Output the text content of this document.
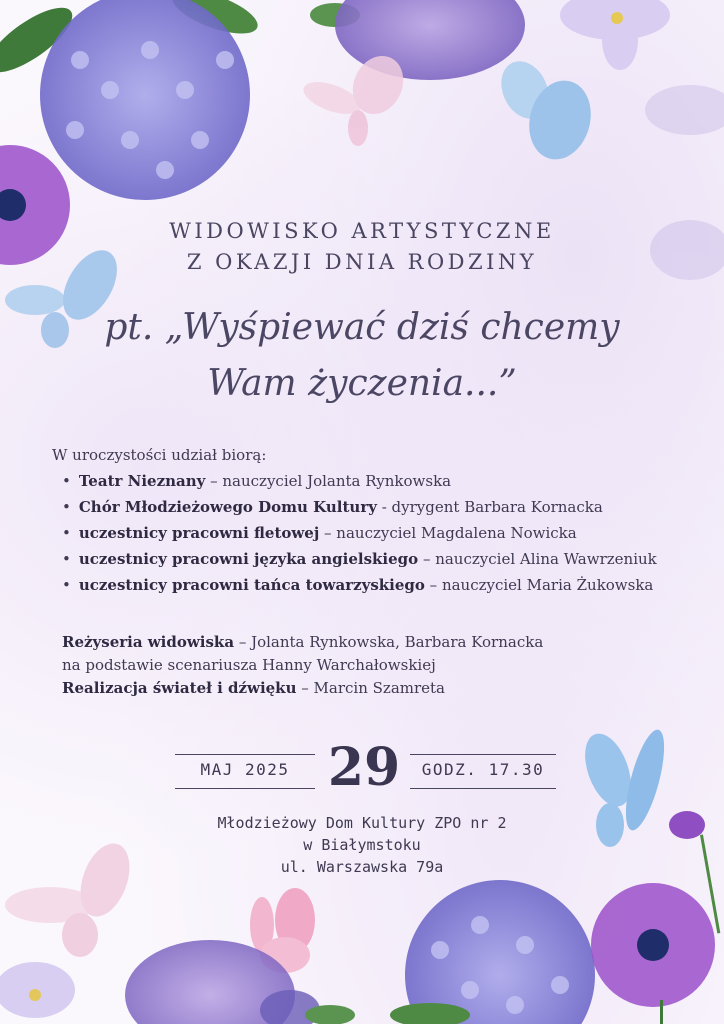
WIDOWISKO ARTYSTYCZNE
Z OKAZJI DNIA RODZINY
pt. „Wyśpiewać dziś chcemy
Wam życzenia...”
W uroczystości udział biorą:
• Teatr Nieznany – nauczyciel Jolanta Rynkowska
• Chór Młodzieżowego Domu Kultury - dyrygent Barbara Kornacka
• uczestnicy pracowni fletowej – nauczyciel Magdalena Nowicka
• uczestnicy pracowni języka angielskiego – nauczyciel Alina Wawrzeniuk
• uczestnicy pracowni tańca towarzyskiego – nauczyciel Maria Żukowska
Reżyseria widowiska – Jolanta Rynkowska, Barbara Kornacka
na podstawie scenariusza Hanny Warchałowskiej
Realizacja świateł i dźwięku – Marcin Szamreta
MAJ 2025 29	GODZ. 17.30
Młodzieżowy Dom Kultury ZPO nr 2
w Białymstoku
ul. Warszawska 79a
